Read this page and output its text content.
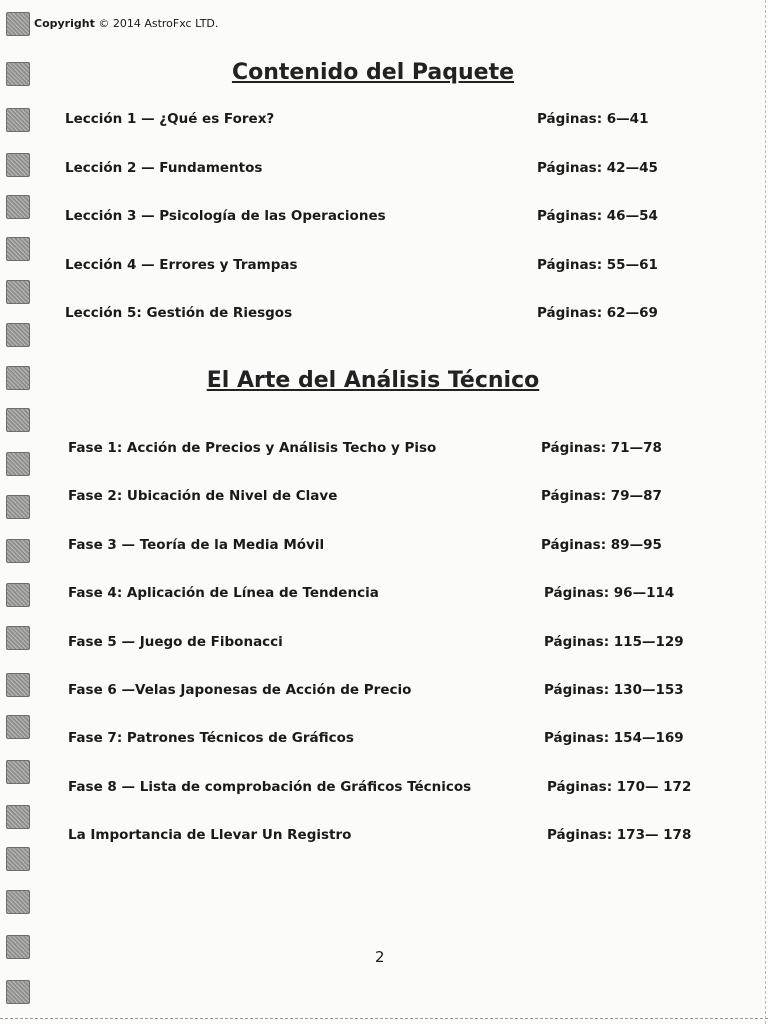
Copyright © 2014 AstroFxc LTD.
Contenido del Paquete
Lección 1 — ¿Qué es Forex?	Páginas: 6—41
Lección 2 — Fundamentos	Páginas: 42—45
Lección 3 — Psicología de las Operaciones	Páginas: 46—54
Lección 4 — Errores y Trampas	Páginas: 55—61
Lección 5: Gestión de Riesgos	Páginas: 62—69
El Arte del Análisis Técnico
Fase 1: Acción de Precios y Análisis Techo y Piso	Páginas: 71—78
Fase 2: Ubicación de Nivel de Clave	Páginas: 79—87
Fase 3 — Teoría de la Media Móvil	Páginas: 89—95
Fase 4: Aplicación de Línea de Tendencia	Páginas: 96—114
Fase 5 — Juego de Fibonacci	Páginas: 115—129
Fase 6 —Velas Japonesas de Acción de Precio	Páginas: 130—153
Fase 7: Patrones Técnicos de Gráficos	Páginas: 154—169
Fase 8 — Lista de comprobación de Gráficos Técnicos	Páginas: 170— 172
La Importancia de Llevar Un Registro	Páginas: 173— 178
2
